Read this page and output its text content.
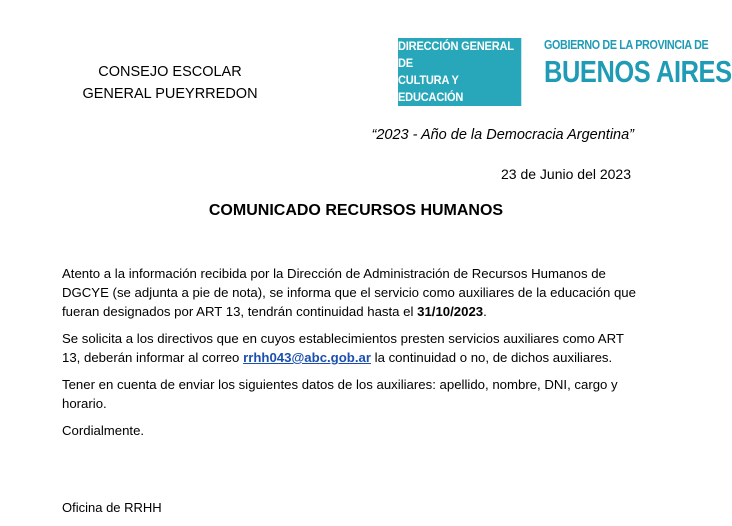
CONSEJO ESCOLAR
GENERAL PUEYRREDON
DIRECCIÓN GENERAL DE
CULTURA Y EDUCACIÓN
GOBIERNO DE LA PROVINCIA DE
BUENOS AIRES
“2023 - Año de la Democracia Argentina”
23 de Junio del 2023
COMUNICADO RECURSOS HUMANOS

Atento a la información recibida por la Dirección de Administración de Recursos Humanos de DGCYE (se adjunta a pie de nota), se informa que el servicio como auxiliares de la educación que fueran designados por ART 13, tendrán continuidad hasta el 31/10/2023.

Se solicita a los directivos que en cuyos establecimientos presten servicios auxiliares como ART 13, deberán informar al correo rrhh043@abc.gob.ar la continuidad o no, de dichos auxiliares.

Tener en cuenta de enviar los siguientes datos de los auxiliares: apellido, nombre, DNI, cargo y horario.

Cordialmente.

Oficina de RRHH
